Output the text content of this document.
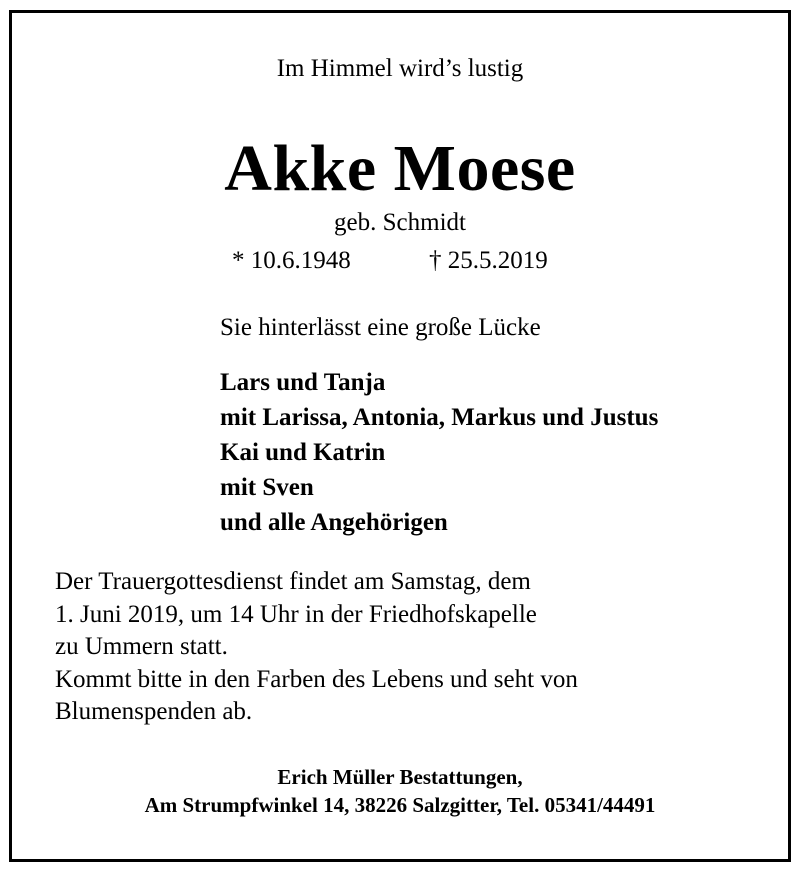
Im Himmel wird’s lustig
Akke Moese
geb. Schmidt
* 10.6.1948	† 25.5.2019
Sie hinterlässt eine große Lücke
Lars und Tanja
mit Larissa, Antonia, Markus und Justus
Kai und Katrin
mit Sven
und alle Angehörigen
Der Trauergottesdienst findet am Samstag, dem
1. Juni 2019, um 14 Uhr in der Friedhofskapelle
zu Ummern statt.
Kommt bitte in den Farben des Lebens und seht von
Blumenspenden ab.
Erich Müller Bestattungen,
Am Strumpfwinkel 14, 38226 Salzgitter, Tel. 05341/44491
